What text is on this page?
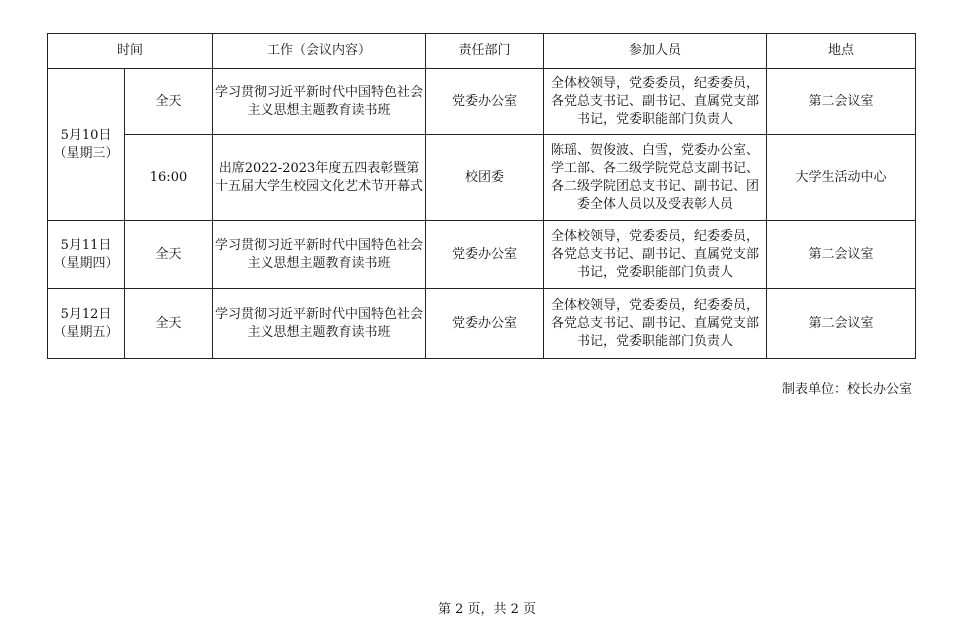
时间		工作（会议内容）	责任部门	参加人员	地点

5月10日
（星期三）	全天	学习贯彻习近平新时代中国特色社会主义思想主题教育读书班	党委办公室	全体校领导，党委委员，纪委委员，各党总支书记、副书记、直属党支部书记，党委职能部门负责人	第二会议室
	16:00	出席2022-2023年度五四表彰暨第十五届大学生校园文化艺术节开幕式	校团委	陈瑶、贺俊波、白雪，党委办公室、学工部、各二级学院党总支副书记、各二级学院团总支书记、副书记、团委全体人员以及受表彰人员	大学生活动中心

5月11日
（星期四）	全天	学习贯彻习近平新时代中国特色社会主义思想主题教育读书班	党委办公室	全体校领导，党委委员，纪委委员，各党总支书记、副书记、直属党支部书记，党委职能部门负责人	第二会议室

5月12日
（星期五）	全天	学习贯彻习近平新时代中国特色社会主义思想主题教育读书班	党委办公室	全体校领导，党委委员，纪委委员，各党总支书记、副书记、直属党支部书记，党委职能部门负责人	第二会议室
制表单位：校长办公室
第 2 页，共 2 页
